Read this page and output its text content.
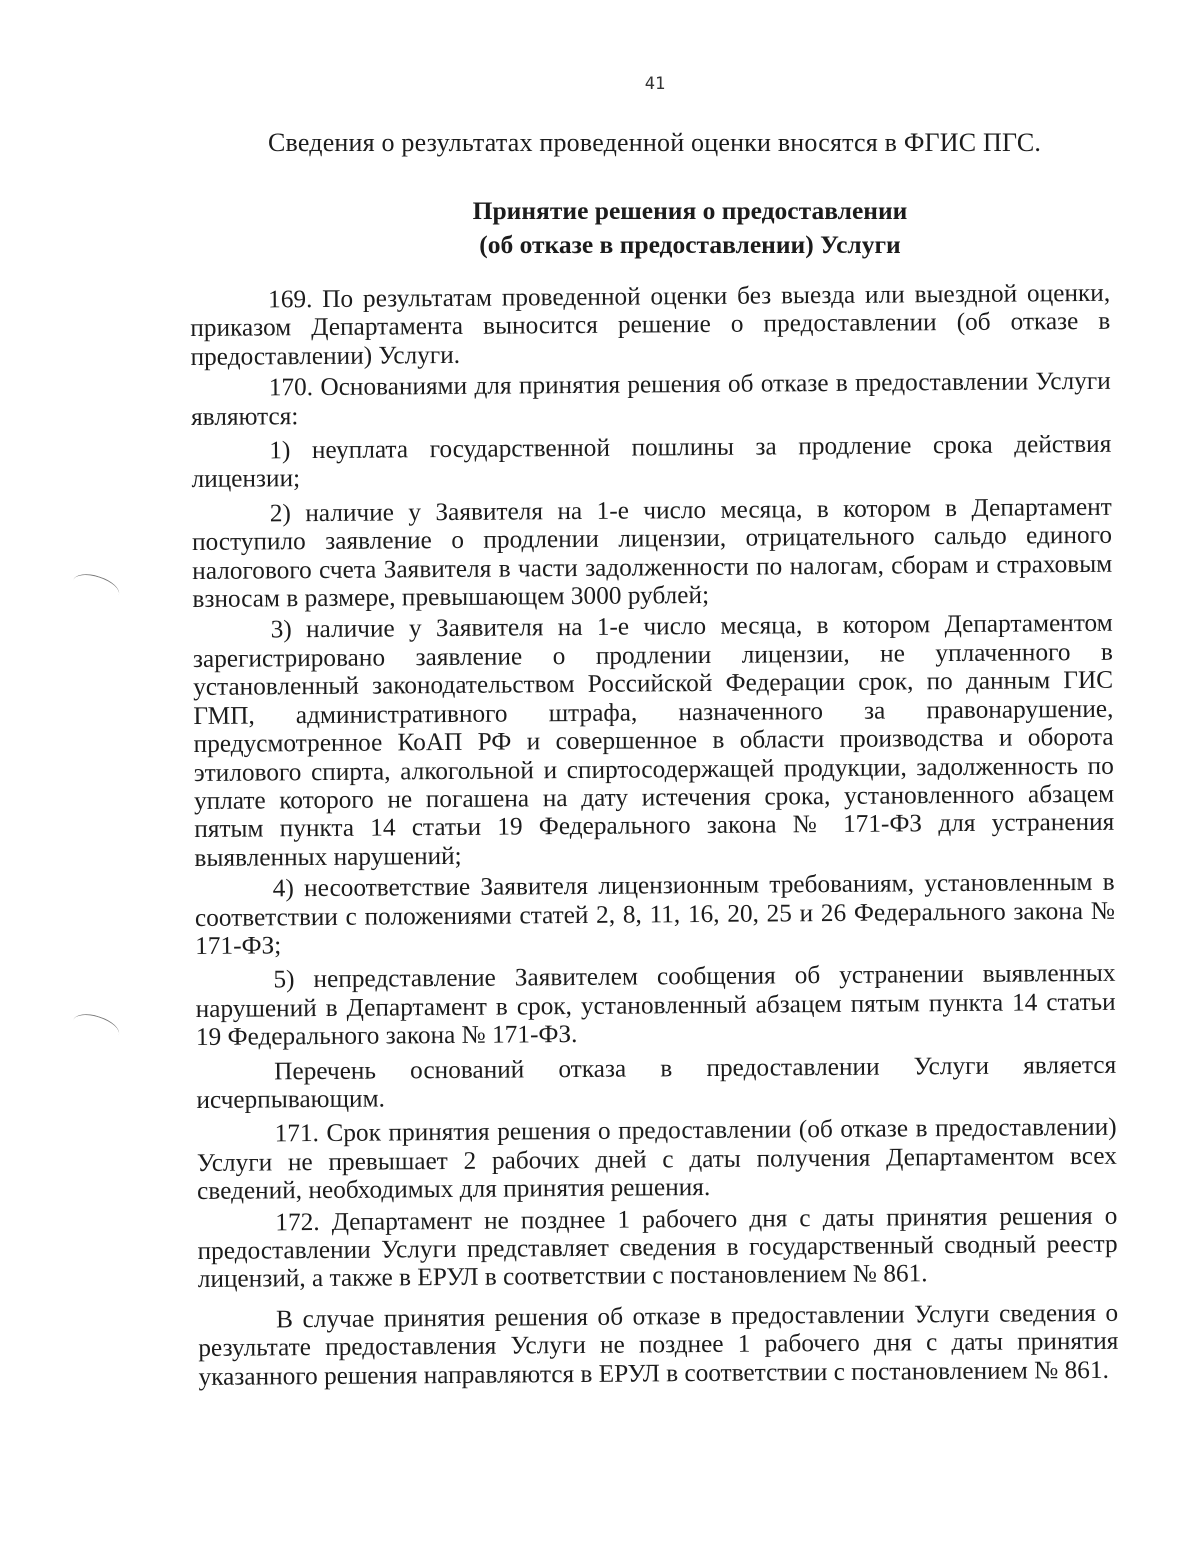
41
Сведения о результатах проведенной оценки вносятся в ФГИС ПГС.
Принятие решения о предоставлении
(об отказе в предоставлении) Услуги

169. По результатам проведенной оценки без выезда или выездной оценки, приказом Департамента выносится решение о предоставлении (об отказе в предоставлении) Услуги.

170. Основаниями для принятия решения об отказе в предоставлении Услуги являются:

1) неуплата государственной пошлины за продление срока действия лицензии;

2) наличие у Заявителя на 1-е число месяца, в котором в Департамент поступило заявление о продлении лицензии, отрицательного сальдо единого налогового счета Заявителя в части задолженности по налогам, сборам и страховым взносам в размере, превышающем 3000 рублей;

3) наличие у Заявителя на 1-е число месяца, в котором Департаментом зарегистрировано заявление о продлении лицензии, не уплаченного в установленный законодательством Российской Федерации срок, по данным ГИС ГМП, административного штрафа, назначенного за правонарушение, предусмотренное КоАП РФ и совершенное в области производства и оборота этилового спирта, алкогольной и спиртосодержащей продукции, задолженность по уплате которого не погашена на дату истечения срока, установленного абзацем пятым пункта 14 статьи 19 Федерального закона № 171-ФЗ для устранения выявленных нарушений;

4) несоответствие Заявителя лицензионным требованиям, установленным в соответствии с положениями статей 2, 8, 11, 16, 20, 25 и 26 Федерального закона № 171-ФЗ;

5) непредставление Заявителем сообщения об устранении выявленных нарушений в Департамент в срок, установленный абзацем пятым пункта 14 статьи 19 Федерального закона № 171-ФЗ.

Перечень оснований отказа в предоставлении Услуги является исчерпывающим.

171. Срок принятия решения о предоставлении (об отказе в предоставлении) Услуги не превышает 2 рабочих дней с даты получения Департаментом всех сведений, необходимых для принятия решения.

172. Департамент не позднее 1 рабочего дня с даты принятия решения о предоставлении Услуги представляет сведения в государственный сводный реестр лицензий, а также в ЕРУЛ в соответствии с постановлением № 861.

В случае принятия решения об отказе в предоставлении Услуги сведения о результате предоставления Услуги не позднее 1 рабочего дня с даты принятия указанного решения направляются в ЕРУЛ в соответствии с постановлением № 861.
